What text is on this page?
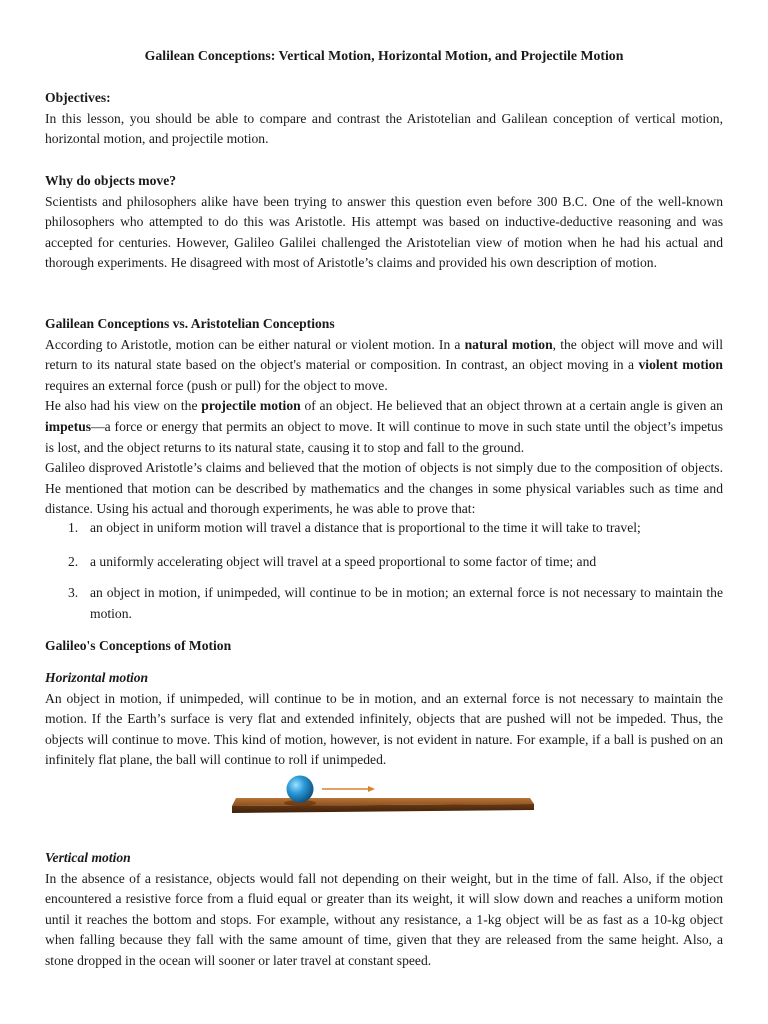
Galilean Conceptions: Vertical Motion, Horizontal Motion, and Projectile Motion

Objectives:

In this lesson, you should be able to compare and contrast the Aristotelian and Galilean conception of vertical motion, horizontal motion, and projectile motion.

Why do objects move?

Scientists and philosophers alike have been trying to answer this question even before 300 B.C. One of the well-known philosophers who attempted to do this was Aristotle. His attempt was based on inductive-deductive reasoning and was accepted for centuries. However, Galileo Galilei challenged the Aristotelian view of motion when he had his actual and thorough experiments. He disagreed with most of Aristotle’s claims and provided his own description of motion.

Galilean Conceptions vs. Aristotelian Conceptions

According to Aristotle, motion can be either natural or violent motion. In a natural motion, the object will move and will return to its natural state based on the object's material or composition. In contrast, an object moving in a violent motion requires an external force (push or pull) for the object to move.

He also had his view on the projectile motion of an object. He believed that an object thrown at a certain angle is given an impetus—a force or energy that permits an object to move. It will continue to move in such state until the object’s impetus is lost, and the object returns to its natural state, causing it to stop and fall to the ground.

Galileo disproved Aristotle’s claims and believed that the motion of objects is not simply due to the composition of objects. He mentioned that motion can be described by mathematics and the changes in some physical variables such as time and distance. Using his actual and thorough experiments, he was able to prove that:

1. an object in uniform motion will travel a distance that is proportional to the time it will take to travel;

2. a uniformly accelerating object will travel at a speed proportional to some factor of time; and

3. an object in motion, if unimpeded, will continue to be in motion; an external force is not necessary to maintain the motion.

Galileo's Conceptions of Motion

Horizontal motion

An object in motion, if unimpeded, will continue to be in motion, and an external force is not necessary to maintain the motion. If the Earth’s surface is very flat and extended infinitely, objects that are pushed will not be impeded. Thus, the objects will continue to move. This kind of motion, however, is not evident in nature. For example, if a ball is pushed on an infinitely flat plane, the ball will continue to roll if unimpeded.

Vertical motion

In the absence of a resistance, objects would fall not depending on their weight, but in the time of fall. Also, if the object encountered a resistive force from a fluid equal or greater than its weight, it will slow down and reaches a uniform motion until it reaches the bottom and stops. For example, without any resistance, a 1-kg object will be as fast as a 10-kg object when falling because they fall with the same amount of time, given that they are released from the same height. Also, a stone dropped in the ocean will sooner or later travel at constant speed.
